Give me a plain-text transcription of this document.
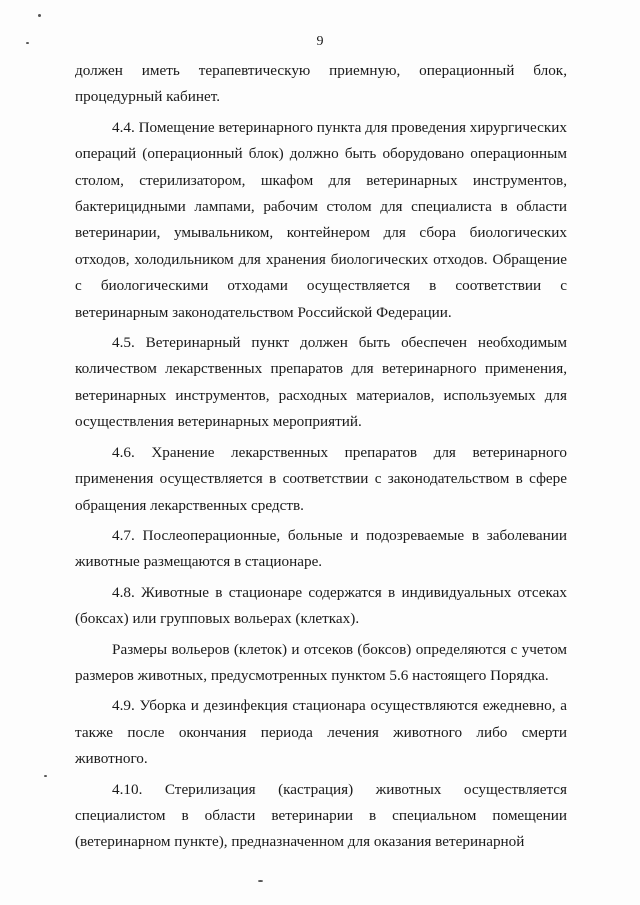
9

должен иметь терапевтическую приемную, операционный блок, процедурный кабинет.

4.4. Помещение ветеринарного пункта для проведения хирургических операций (операционный блок) должно быть оборудовано операционным столом, стерилизатором, шкафом для ветеринарных инструментов, бактерицидными лампами, рабочим столом для специалиста в области ветеринарии, умывальником, контейнером для сбора биологических отходов, холодильником для хранения биологических отходов. Обращение с биологическими отходами осуществляется в соответствии с ветеринарным законодательством Российской Федерации.

4.5. Ветеринарный пункт должен быть обеспечен необходимым количеством лекарственных препаратов для ветеринарного применения, ветеринарных инструментов, расходных материалов, используемых для осуществления ветеринарных мероприятий.

4.6. Хранение лекарственных препаратов для ветеринарного применения осуществляется в соответствии с законодательством в сфере обращения лекарственных средств.

4.7. Послеоперационные, больные и подозреваемые в заболевании животные размещаются в стационаре.

4.8. Животные в стационаре содержатся в индивидуальных отсеках (боксах) или групповых вольерах (клетках).

Размеры вольеров (клеток) и отсеков (боксов) определяются с учетом размеров животных, предусмотренных пунктом 5.6 настоящего Порядка.

4.9. Уборка и дезинфекция стационара осуществляются ежедневно, а также после окончания периода лечения животного либо смерти животного.

4.10. Стерилизация (кастрация) животных осуществляется специалистом в области ветеринарии в специальном помещении (ветеринарном пункте), предназначенном для оказания ветеринарной
